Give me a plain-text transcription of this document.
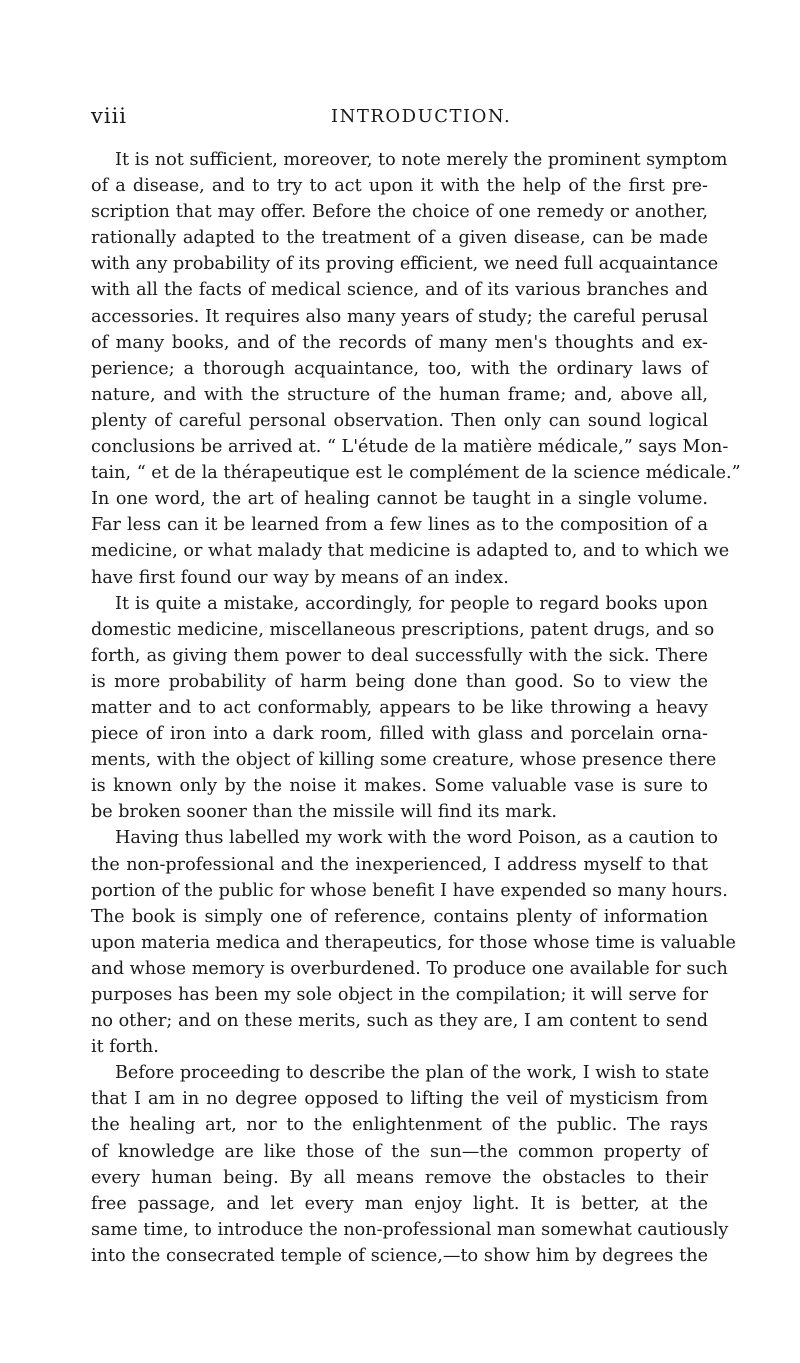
viii	INTRODUCTION.
It is not sufficient, moreover, to note merely the prominent symptom
of a disease, and to try to act upon it with the help of the first pre-
scription that may offer. Before the choice of one remedy or another,
rationally adapted to the treatment of a given disease, can be made
with any probability of its proving efficient, we need full acquaintance
with all the facts of medical science, and of its various branches and
accessories. It requires also many years of study; the careful perusal
of many books, and of the records of many men's thoughts and ex-
perience; a thorough acquaintance, too, with the ordinary laws of
nature, and with the structure of the human frame; and, above all,
plenty of careful personal observation. Then only can sound logical
conclusions be arrived at. “ L'étude de la matière médicale,” says Mon-
tain, “ et de la thérapeutique est le complément de la science médicale.”
In one word, the art of healing cannot be taught in a single volume.
Far less can it be learned from a few lines as to the composition of a
medicine, or what malady that medicine is adapted to, and to which we
have first found our way by means of an index.
It is quite a mistake, accordingly, for people to regard books upon
domestic medicine, miscellaneous prescriptions, patent drugs, and so
forth, as giving them power to deal successfully with the sick. There
is more probability of harm being done than good. So to view the
matter and to act conformably, appears to be like throwing a heavy
piece of iron into a dark room, filled with glass and porcelain orna-
ments, with the object of killing some creature, whose presence there
is known only by the noise it makes. Some valuable vase is sure to
be broken sooner than the missile will find its mark.
Having thus labelled my work with the word Poison, as a caution to
the non-professional and the inexperienced, I address myself to that
portion of the public for whose benefit I have expended so many hours.
The book is simply one of reference, contains plenty of information
upon materia medica and therapeutics, for those whose time is valuable
and whose memory is overburdened. To produce one available for such
purposes has been my sole object in the compilation; it will serve for
no other; and on these merits, such as they are, I am content to send
it forth.
Before proceeding to describe the plan of the work, I wish to state
that I am in no degree opposed to lifting the veil of mysticism from
the healing art, nor to the enlightenment of the public. The rays
of knowledge are like those of the sun—the common property of
every human being. By all means remove the obstacles to their
free passage, and let every man enjoy light. It is better, at the
same time, to introduce the non-professional man somewhat cautiously
into the consecrated temple of science,—to show him by degrees the
